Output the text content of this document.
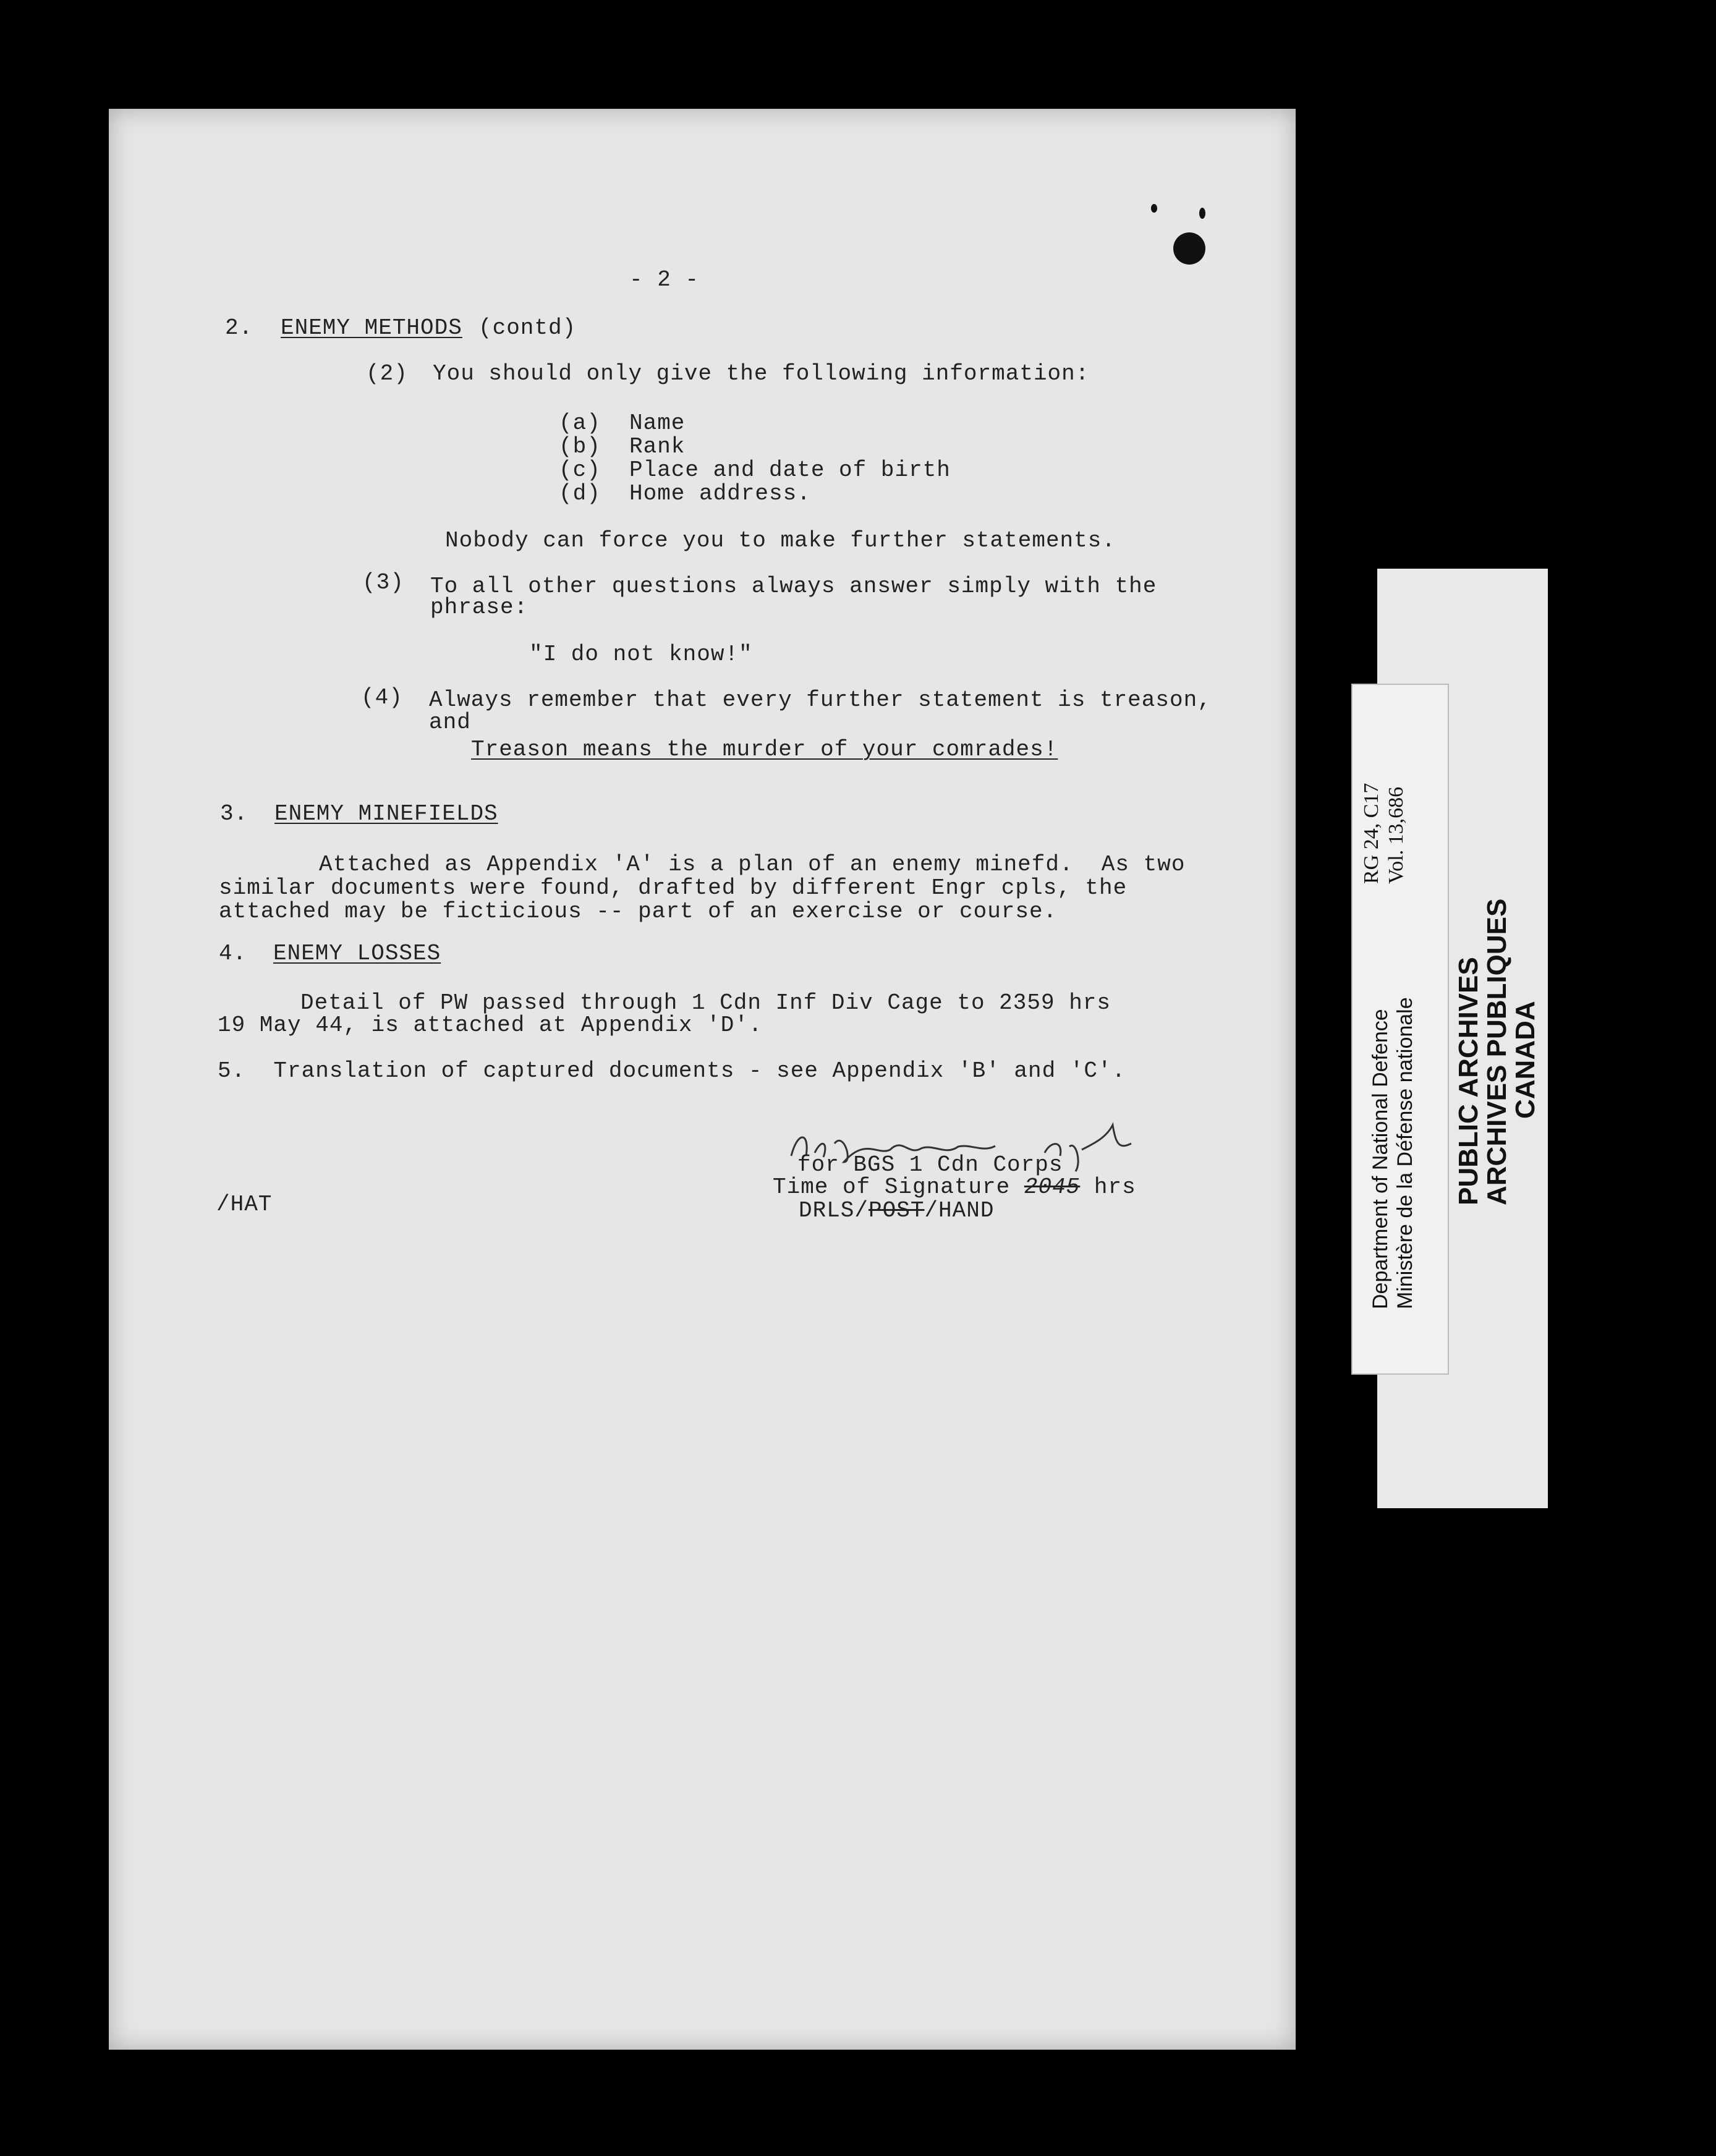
- 2 -
2. ENEMY METHODS (contd)
(2) You should only give the following information:
(a) Name
(b) Rank
(c) Place and date of birth
(d) Home address.
Nobody can force you to make further statements.
(3) To all other questions always answer simply with the
phrase:
"I do not know!"
(4) Always remember that every further statement is treason,
and
Treason means the murder of your comrades!
3. ENEMY MINEFIELDS
Attached as Appendix 'A' is a plan of an enemy minefd.  As two
similar documents were found, drafted by different Engr cpls, the
attached may be ficticious -- part of an exercise or course.
4. ENEMY LOSSES
Detail of PW passed through 1 Cdn Inf Div Cage to 2359 hrs
19 May 44, is attached at Appendix 'D'.
5.  Translation of captured documents - see Appendix 'B' and 'C'.
for BGS 1 Cdn Corps
Time of Signature 2045 hrs
DRLS/POST/HAND
/HAT
RG 24, C17 Vol. 13,686
Department of National Defence Ministère de la Défense nationale PUBLIC ARCHIVES
ARCHIVES PUBLIQUES
CANADA
